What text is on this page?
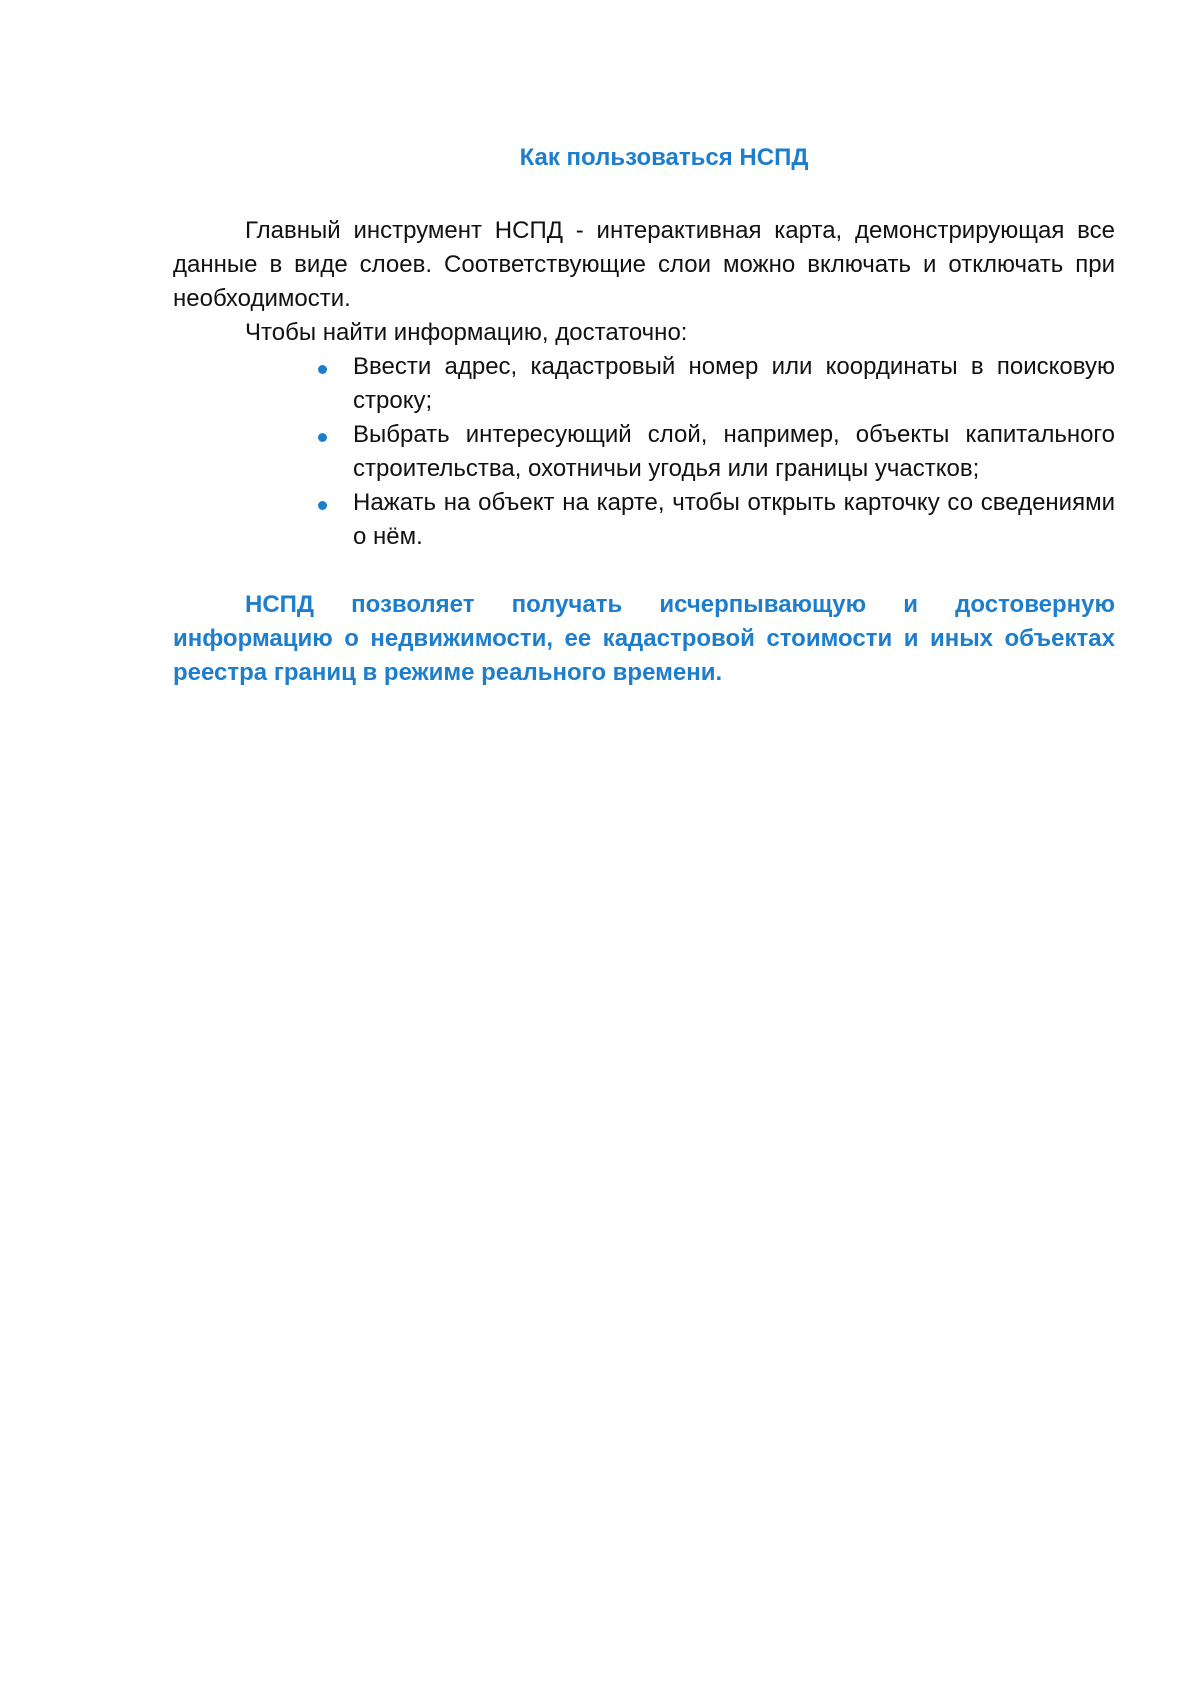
Как пользоваться НСПД

Главный инструмент НСПД - интерактивная карта, демонстрирующая все данные в виде слоев. Соответствующие слои можно включать и отключать при необходимости.

Чтобы найти информацию, достаточно:

Ввести адрес, кадастровый номер или координаты в поисковую строку;
Выбрать интересующий слой, например, объекты капитального строительства, охотничьи угодья или границы участков;
Нажать на объект на карте, чтобы открыть карточку со сведениями о нём.

НСПД позволяет получать исчерпывающую и достоверную информацию о недвижимости, ее кадастровой стоимости и иных объектах реестра границ в режиме реального времени.
